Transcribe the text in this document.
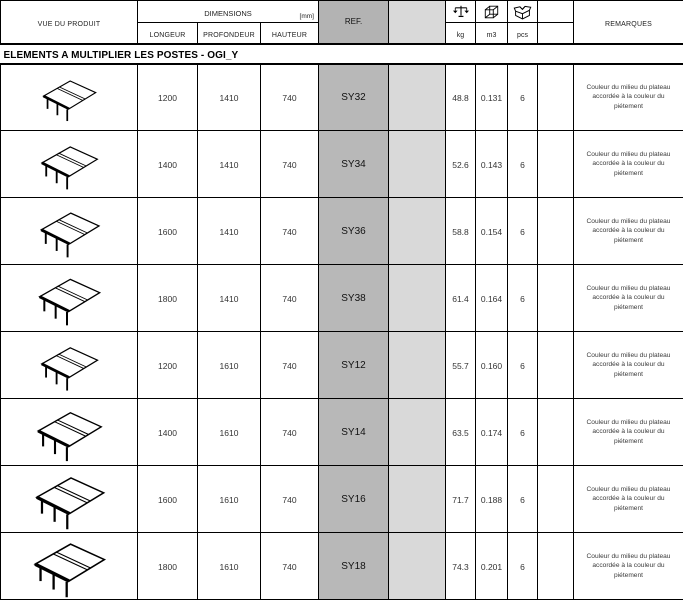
VUE DU PRODUIT	DIMENSIONS [mm]			REF.						REMARQUES
	LONGEUR	PROFONDEUR	HAUTEUR			kg	m3	pcs		
ELEMENTS A MULTIPLIER LES POSTES - OGI_Y										

	1200	1410	740	SY32		48.8	0.131	6		Couleur du milieu du plateau accordée à la couleur du piétement

	1400	1410	740	SY34		52.6	0.143	6		Couleur du milieu du plateau accordée à la couleur du piétement

	1600	1410	740	SY36		58.8	0.154	6		Couleur du milieu du plateau accordée à la couleur du piétement

	1800	1410	740	SY38		61.4	0.164	6		Couleur du milieu du plateau accordée à la couleur du piétement

	1200	1610	740	SY12		55.7	0.160	6		Couleur du milieu du plateau accordée à la couleur du piétement

	1400	1610	740	SY14		63.5	0.174	6		Couleur du milieu du plateau accordée à la couleur du piétement

	1600	1610	740	SY16		71.7	0.188	6		Couleur du milieu du plateau accordée à la couleur du piétement

	1800	1610	740	SY18		74.3	0.201	6		Couleur du milieu du plateau accordée à la couleur du piétement
